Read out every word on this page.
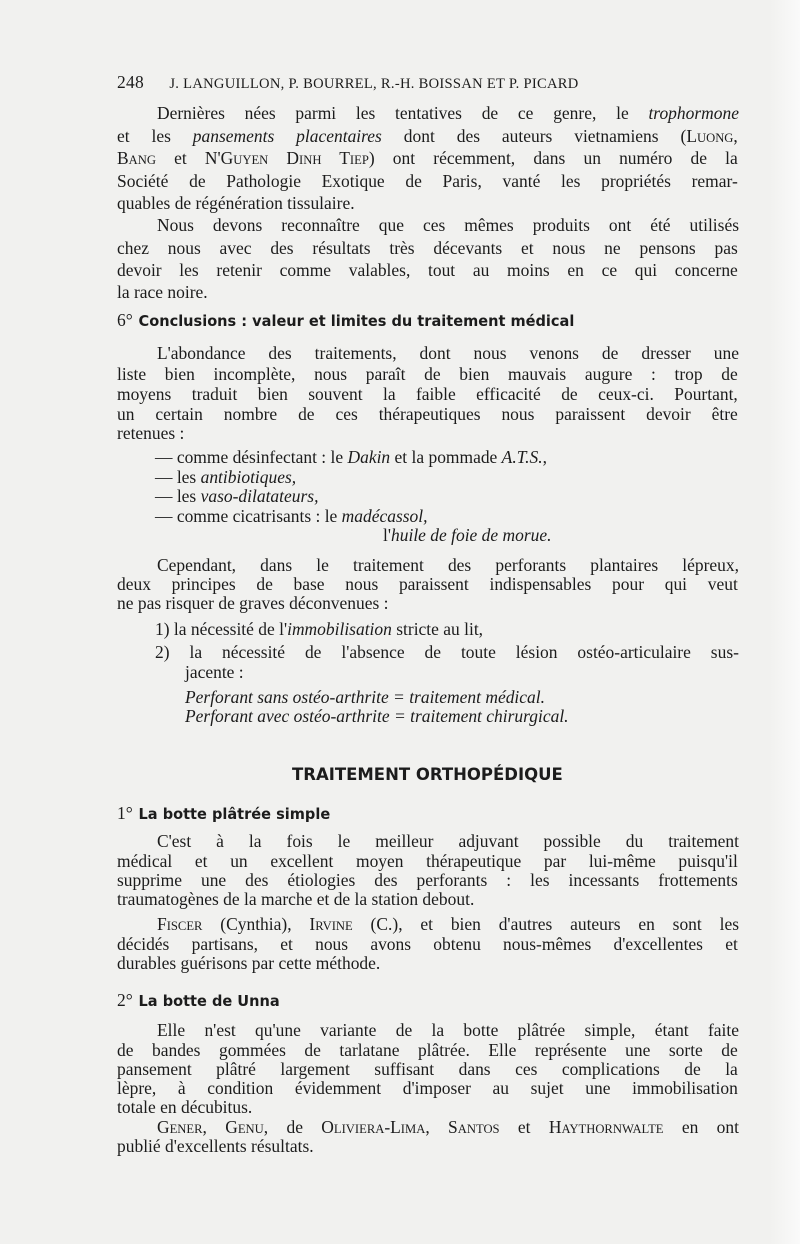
248 J. LANGUILLON, P. BOURREL, R.-H. BOISSAN ET P. PICARD
Dernières nées parmi les tentatives de ce genre, le trophormone
et les pansements placentaires dont des auteurs vietnamiens (Luong,
Bang et N'Guyen Dinh Tiep) ont récemment, dans un numéro de la
Société de Pathologie Exotique de Paris, vanté les propriétés remar-
quables de régénération tissulaire.
Nous devons reconnaître que ces mêmes produits ont été utilisés
chez nous avec des résultats très décevants et nous ne pensons pas
devoir les retenir comme valables, tout au moins en ce qui concerne
la race noire.
6° Conclusions : valeur et limites du traitement médical
L'abondance des traitements, dont nous venons de dresser une
liste bien incomplète, nous paraît de bien mauvais augure : trop de
moyens traduit bien souvent la faible efficacité de ceux-ci. Pourtant,
un certain nombre de ces thérapeutiques nous paraissent devoir être
retenues :
— comme désinfectant : le Dakin et la pommade A.T.S.,
— les antibiotiques,
— les vaso-dilatateurs,
— comme cicatrisants : le madécassol,
l'huile de foie de morue.
Cependant, dans le traitement des perforants plantaires lépreux,
deux principes de base nous paraissent indispensables pour qui veut
ne pas risquer de graves déconvenues :
1) la nécessité de l'immobilisation stricte au lit,
2) la nécessité de l'absence de toute lésion ostéo-articulaire sus-
jacente :
Perforant sans ostéo-arthrite = traitement médical.
Perforant avec ostéo-arthrite = traitement chirurgical.
TRAITEMENT ORTHOPÉDIQUE
1° La botte plâtrée simple
C'est à la fois le meilleur adjuvant possible du traitement
médical et un excellent moyen thérapeutique par lui-même puisqu'il
supprime une des étiologies des perforants : les incessants frottements
traumatogènes de la marche et de la station debout.
Fiscer (Cynthia), Irvine (C.), et bien d'autres auteurs en sont les
décidés partisans, et nous avons obtenu nous-mêmes d'excellentes et
durables guérisons par cette méthode.
2° La botte de Unna
Elle n'est qu'une variante de la botte plâtrée simple, étant faite
de bandes gommées de tarlatane plâtrée. Elle représente une sorte de
pansement plâtré largement suffisant dans ces complications de la
lèpre, à condition évidemment d'imposer au sujet une immobilisation
totale en décubitus.
Gener, Genu, de Oliviera-Lima, Santos et Haythornwalte en ont
publié d'excellents résultats.
